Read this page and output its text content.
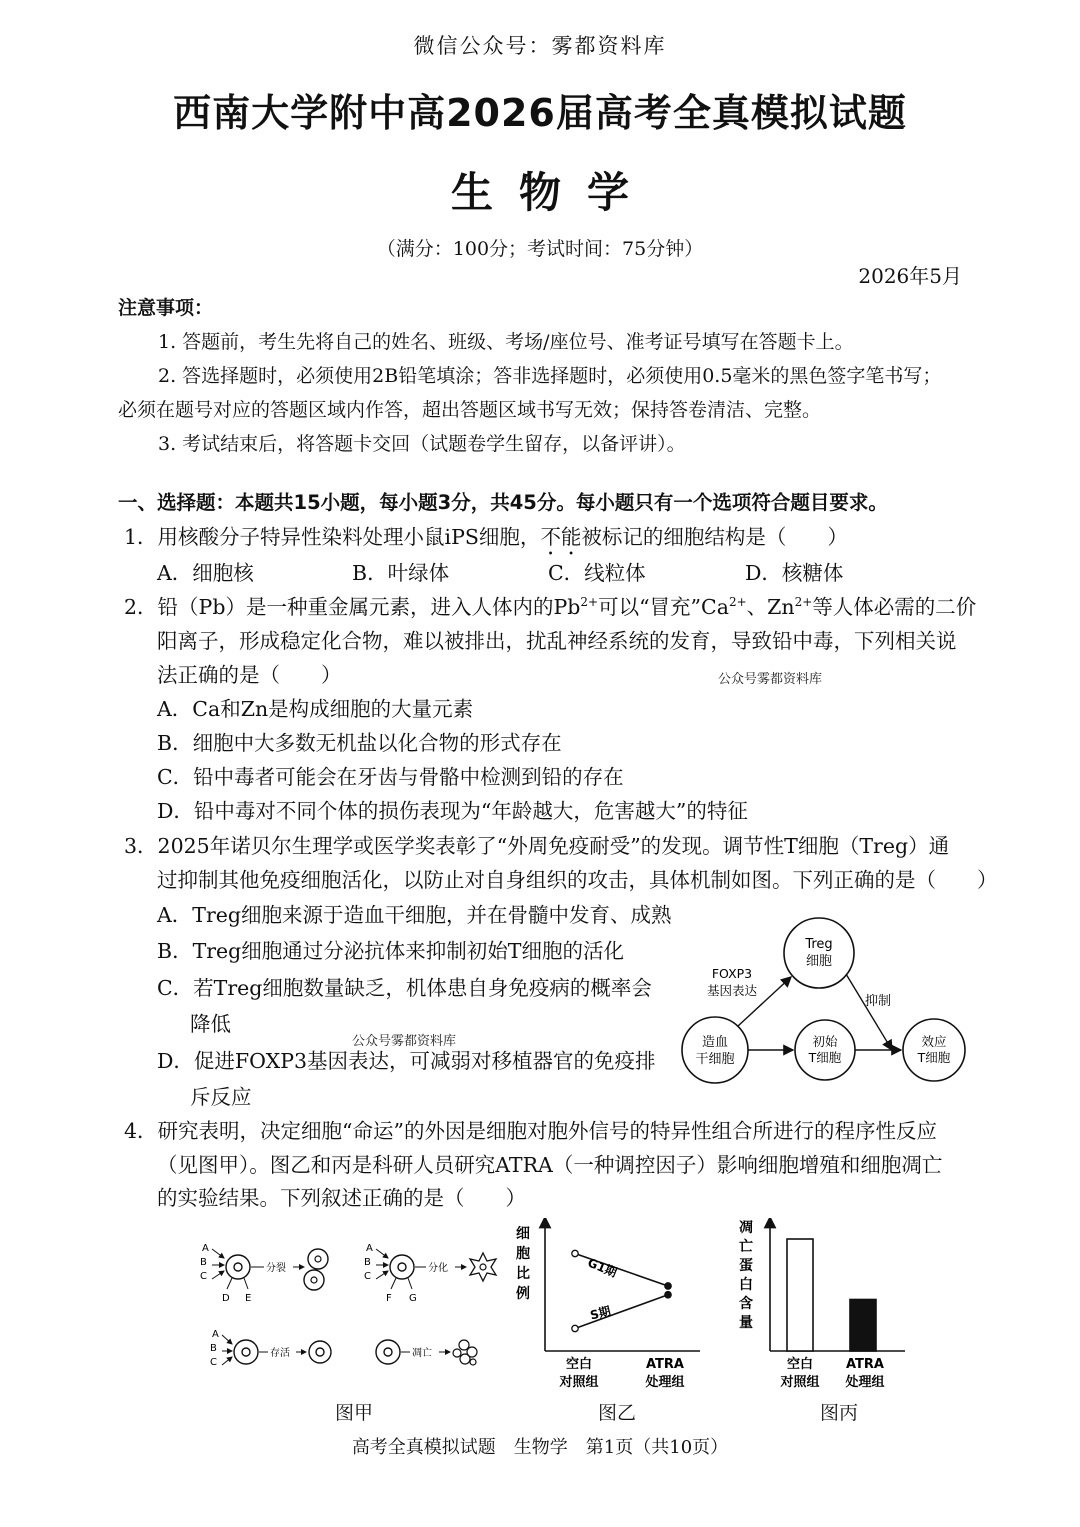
微信公众号：雾都资料库
西南大学附中高2026届高考全真模拟试题
生物学
（满分：100分；考试时间：75分钟）
2026年5月
注意事项：
1. 答题前，考生先将自己的姓名、班级、考场/座位号、准考证号填写在答题卡上。
2. 答选择题时，必须使用2B铅笔填涂；答非选择题时，必须使用0.5毫米的黑色签字笔书写；
必须在题号对应的答题区域内作答，超出答题区域书写无效；保持答卷清洁、完整。
3. 考试结束后，将答题卡交回（试题卷学生留存，以备评讲）。
一、选择题：本题共15小题，每小题3分，共45分。每小题只有一个选项符合题目要求。
1．用核酸分子特异性染料处理小鼠iPS细胞，不能被标记的细胞结构是（　　）
A．细胞核	B．叶绿体	C．线粒体	D．核糖体
2．铅（Pb）是一种重金属元素，进入人体内的$Pb^{2+}$可以“冒充$”Ca^{2+}$、$Zn^{2+}$等人体必需的二价
阳离子，形成稳定化合物，难以被排出，扰乱神经系统的发育，导致铅中毒，下列相关说
法正确的是（　　）	公众号雾都资料库
A．Ca和Zn是构成细胞的大量元素
B．细胞中大多数无机盐以化合物的形式存在
C．铅中毒者可能会在牙齿与骨骼中检测到铅的存在
D．铅中毒对不同个体的损伤表现为“年龄越大，危害越大”的特征
3．2025年诺贝尔生理学或医学奖表彰了“外周免疫耐受”的发现。调节性T细胞（Treg）通
过抑制其他免疫细胞活化，以防止对自身组织的攻击，具体机制如图。下列正确的是（　　）
A．Treg细胞来源于造血干细胞，并在骨髓中发育、成熟
B．Treg细胞通过分泌抗体来抑制初始T细胞的活化
C．若Treg细胞数量缺乏，机体患自身免疫病的概率会
降低
公众号雾都资料库
D．促进FOXP3基因表达，可减弱对移植器官的免疫排
斥反应
Treg
细胞
造血
干细胞
初始
T细胞
效应
T细胞
FOXP3
基因表达
抑制
4．研究表明，决定细胞“命运”的外因是细胞对胞外信号的特异性组合所进行的程序性反应
（见图甲）。图乙和丙是科研人员研究ATRA（一种调控因子）影响细胞增殖和细胞凋亡
的实验结果。下列叙述正确的是（　　）
A
B
C
D E
分裂
A
B
C
F G
分化
A
B
C
存活	凋亡
图甲
细
胞
比
例
G1期
S期
空白
对照组
ATRA
处理组
图乙
凋
亡
蛋
白
含
量
空白
对照组
ATRA
处理组
图丙
高考全真模拟试题　生物学　第1页（共10页）
